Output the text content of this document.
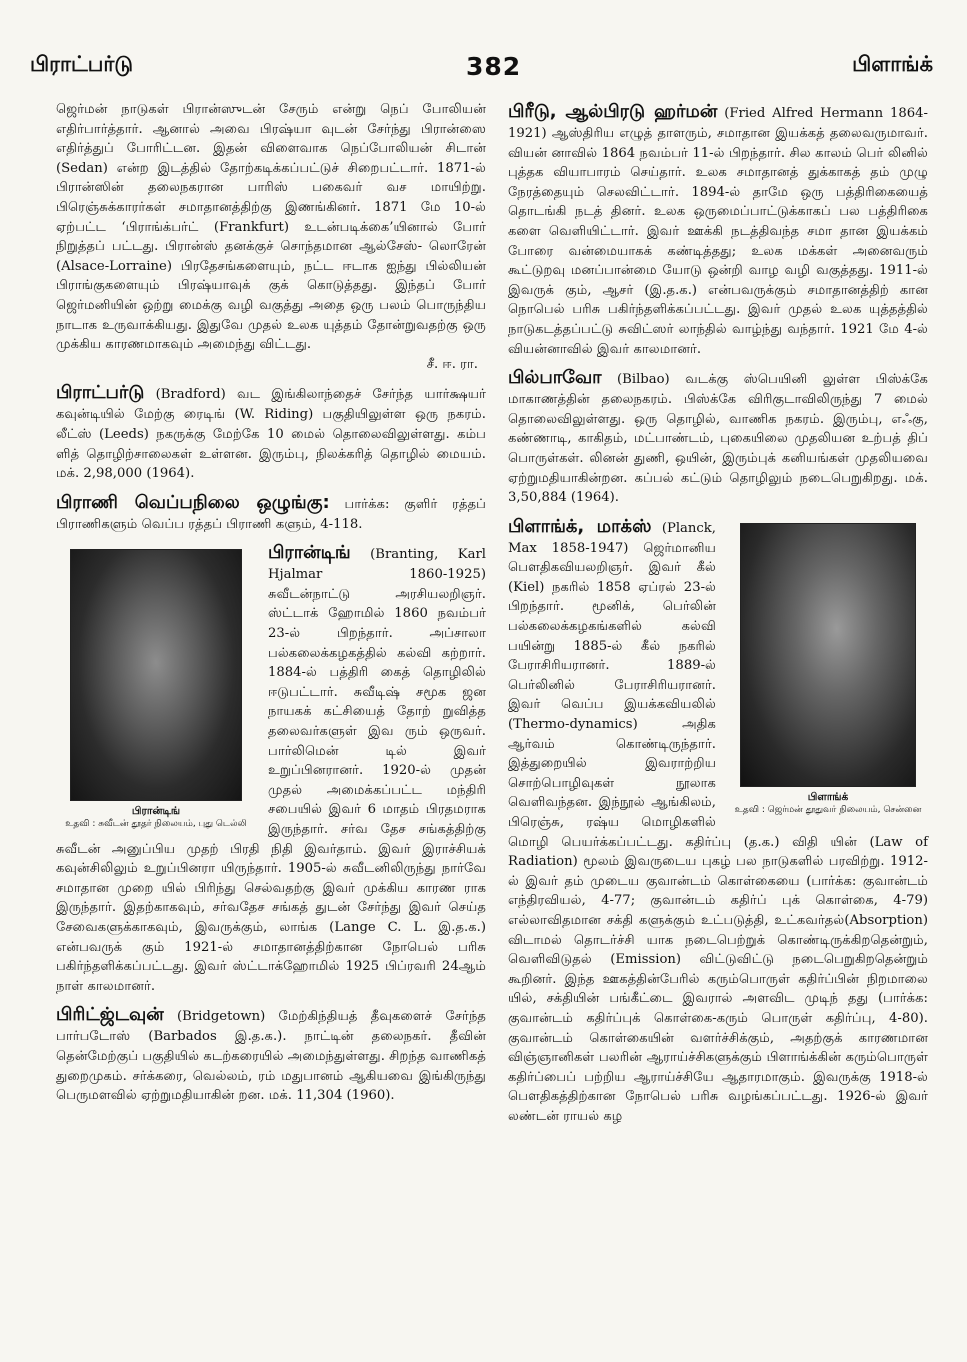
பிராட்பர்டு	382	பிளாங்க்

ஜெர்மன் நாடுகள் பிரான்ஸுடன் சேரும் என்று நெப் போலியன் எதிர்பார்த்தார். ஆனால் அவை பிரஷ்யா வுடன் சேர்ந்து பிரான்ஸை எதிர்த்துப் போரிட்டன. இதன் விளைவாக நெப்போலியன் சிடான் (Sedan) என்ற இடத்தில் தோற்கடிக்கப்பட்டுச் சிறைபட்டார். 1871-ல் பிரான்ஸின் தலைநகரான பாரிஸ் பகைவர் வச மாயிற்று. பிரெஞ்சுக்காரர்கள் சமாதானத்திற்கு இணங்கினர். 1871 மே 10-ல் ஏற்பட்ட ‘பிராங்க்பர்ட் (Frankfurt) உடன்படிக்கை’யினால் போர் நிறுத்தப் பட்டது. பிரான்ஸ் தனக்குச் சொந்தமான ஆல்சேஸ்- லொரேன் (Alsace-Lorraine) பிரதேசங்களையும், நட்ட ஈடாக ஐந்து பில்லியன் பிராங்குகளையும் பிரஷ்யாவுக் குக் கொடுத்தது. இந்தப் போர் ஜெர்மனியின் ஒற்று மைக்கு வழி வகுத்து அதை ஒரு பலம் பொருந்திய நாடாக உருவாக்கியது. இதுவே முதல் உலக யுத்தம் தோன்றுவதற்கு ஒரு முக்கிய காரணமாகவும் அமைந்து விட்டது.

சீ. ஈ. ரா.

பிராட்பர்டு (Bradford) வட இங்கிலாந்தைச் சேர்ந்த யார்க்ஷயர் கவுன்டியில் மேற்கு ரைடிங் (W. Riding) பகுதியிலுள்ள ஒரு நகரம். லீட்ஸ் (Leeds) நகருக்கு மேற்கே 10 மைல் தொலைவிலுள்ளது. கம்ப ளித் தொழிற்சாலைகள் உள்ளன. இரும்பு, நிலக்கரித் தொழில் மையம். மக். 2,98,000 (1964).

பிராணி வெப்பநிலை ஒழுங்கு: பார்க்க: குளிர் ரத்தப் பிராணிகளும் வெப்ப ரத்தப் பிராணி களும், 4-118.

பிரான்டிங்
உதவி : சுவீடன் தூதர் நிலையம், புது டெல்லி
பிரான்டிங் (Branting, Karl Hjalmar 1860-1925) சுவீடன்நாட்டு அரசியலறிஞர். ஸ்ட்டாக் ஹோமில் 1860 நவம்பர் 23-ல் பிறந்தார். அப்சாலா பல்கலைக்கழகத்தில் கல்வி கற்றார். 1884-ல் பத்திரி கைத் தொழிலில் ஈடுபட்டார். சுவீடிஷ் சமூக ஜன நாயகக் கட்சியைத் தோற் றுவித்த தலைவர்களுள் இவ ரும் ஒருவர். பார்லிமென் டில் இவர் உறுப்பினரானர். 1920-ல் முதன் முதல் அமைக்கப்பட்ட மந்திரி சபையில் இவர் 6 மாதம் பிரதமராக இருந்தார். சர்வ தேச சங்கத்திற்கு சுவீடன் அனுப்பிய முதற் பிரதி நிதி இவர்தாம். இவர் இராச்சியக் கவுன்சிலிலும் உறுப்பினரா யிருந்தார். 1905-ல் சுவீடனிலிருந்து நார்வே சமாதான முறை யில் பிரிந்து செல்வதற்கு இவர் முக்கிய காரண ராக இருந்தார். இதற்காகவும், சர்வதேச சங்கத் துடன் சேர்ந்து இவர் செய்த சேவைகளுக்காகவும், இவருக்கும், லாங்க (Lange C. L. இ.த.க.) என்பவருக் கும் 1921-ல் சமாதானத்திற்கான நோபெல் பரிசு பகிர்ந்தளிக்கப்பட்டது. இவர் ஸ்ட்டாக்ஹோமில் 1925 பிப்ரவரி 24ஆம் நாள் காலமானர்.

பிரிட்ஜ்டவுன் (Bridgetown) மேற்கிந்தியத் தீவுகளைச் சேர்ந்த பார்படோஸ் (Barbados இ.த.க.). நாட்டின் தலைநகர். தீவின் தென்மேற்குப் பகுதியில் கடற்கரையில் அமைந்துள்ளது. சிறந்த வாணிகத் துறைமுகம். சர்க்கரை, வெல்லம், ரம் மதுபானம் ஆகியவை இங்கிருந்து பெருமளவில் ஏற்றுமதியாகின் றன. மக். 11,304 (1960).

பிரீடு, ஆல்பிரடு ஹர்மன் (Fried Alfred Hermann 1864-1921) ஆஸ்திரிய எழுத் தாளரும், சமாதான இயக்கத் தலைவருமாவர். வியன் னாவில் 1864 நவம்பர் 11-ல் பிறந்தார். சில காலம் பெர் லினில் புத்தக வியாபாரம் செய்தார். உலக சமாதானத் துக்காகத் தம் முழு நேரத்தையும் செலவிட்டார். 1894-ல் தாமே ஒரு பத்திரிகையைத் தொடங்கி நடத் தினர். உலக ஒருமைப்பாட்டுக்காகப் பல பத்திரிகை களை வெளியிட்டார். இவர் ஊக்கி நடத்திவந்த சமா தான இயக்கம் போரை வன்மையாகக் கண்டித்தது; உலக மக்கள் அனைவரும் கூட்டுறவு மனப்பான்மை யோடு ஒன்றி வாழ வழி வகுத்தது. 1911-ல் இவருக் கும், ஆசர் (இ.த.க.) என்பவருக்கும் சமாதானத்திற் கான நொபெல் பரிசு பகிர்ந்தளிக்கப்பட்டது. இவர் முதல் உலக யுத்தத்தில் நாடுகடத்தப்பட்டு சுவிட்ஸர் லாந்தில் வாழ்ந்து வந்தார். 1921 மே 4-ல் வியன்னாவில் இவர் காலமானர்.

பில்பாவோ (Bilbao) வடக்கு ஸ்பெயினி லுள்ள பிஸ்க்கே மாகாணத்தின் தலைநகரம். பிஸ்க்கே விரிகுடாவிலிருந்து 7 மைல் தொலைவிலுள்ளது. ஒரு தொழில், வாணிக நகரம். இரும்பு, எஃகு, கண்ணாடி, காகிதம், மட்பாண்டம், புகையிலை முதலியன உற்பத் திப் பொருள்கள். லினன் துணி, ஒயின், இரும்புக் கனியங்கள் முதலியவை ஏற்றுமதியாகின்றன. கப்பல் கட்டும் தொழிலும் நடைபெறுகிறது. மக். 3,50,884 (1964).

பிளாங்க்
உதவி : ஜெர்மன் தூதுவர் நிலையம், சென்னை
பிளாங்க், மாக்ஸ் (Planck, Max 1858-1947) ஜெர்மானிய பௌதிகவியலறிஞர். இவர் கீல் (Kiel) நகரில் 1858 ஏப்ரல் 23-ல் பிறந்தார். மூனிக், பெர்லின் பல்கலைக்கழகங்களில் கல்வி பயின்று 1885-ல் கீல் நகரில் பேராசிரியரானர். 1889-ல் பெர்லினில் பேராசிரியரானர். இவர் வெப்ப இயக்கவியலில் (Thermo-dynamics) அதிக ஆர்வம் கொண்டிருந்தார். இத்துறையில் இவராற்றிய சொற்பொழிவுகள் நூலாக வெளிவந்தன. இந்நூல் ஆங்கிலம், பிரெஞ்சு, ரஷ்ய மொழிகளில் மொழி பெயர்க்கப்பட்டது. கதிர்ப்பு (த.க.) விதி யின் (Law of Radiation) மூலம் இவருடைய புகழ் பல நாடுகளில் பரவிற்று. 1912-ல் இவர் தம் முடைய குவான்டம் கொள்கையை (பார்க்க: குவான்டம் எந்திரவியல், 4-77; குவான்டம் கதிர்ப் புக் கொள்கை, 4-79) எல்லாவிதமான சக்தி களுக்கும் உட்படுத்தி, உட்கவர்தல்(Absorption) விடாமல் தொடர்ச்சி யாக நடைபெற்றுக் கொண்டிருக்கிறதென்றும், வெளிவிடுதல் (Emission) விட்டுவிட்டு நடைபெறுகிறதென்றும் கூறினர். இந்த ஊகத்தின்பேரில் கரும்பொருள் கதிர்ப்பின் நிறமாலை யில், சக்தியின் பங்கீட்டை இவரால் அளவிட முடிந் தது (பார்க்க: குவான்டம் கதிர்ப்புக் கொள்கை-கரும் பொருள் கதிர்ப்பு, 4-80). குவான்டம் கொள்கையின் வளர்ச்சிக்கும், அதற்குக் காரணமான விஞ்ஞானிகள் பலரின் ஆராய்ச்சிகளுக்கும் பிளாங்க்கின் கரும்பொருள் கதிர்ப்பைப் பற்றிய ஆராய்ச்சியே ஆதாரமாகும். இவருக்கு 1918-ல் பௌதிகத்திற்கான நோபெல் பரிசு வழங்கப்பட்டது. 1926-ல் இவர் லண்டன் ராயல் கழ
